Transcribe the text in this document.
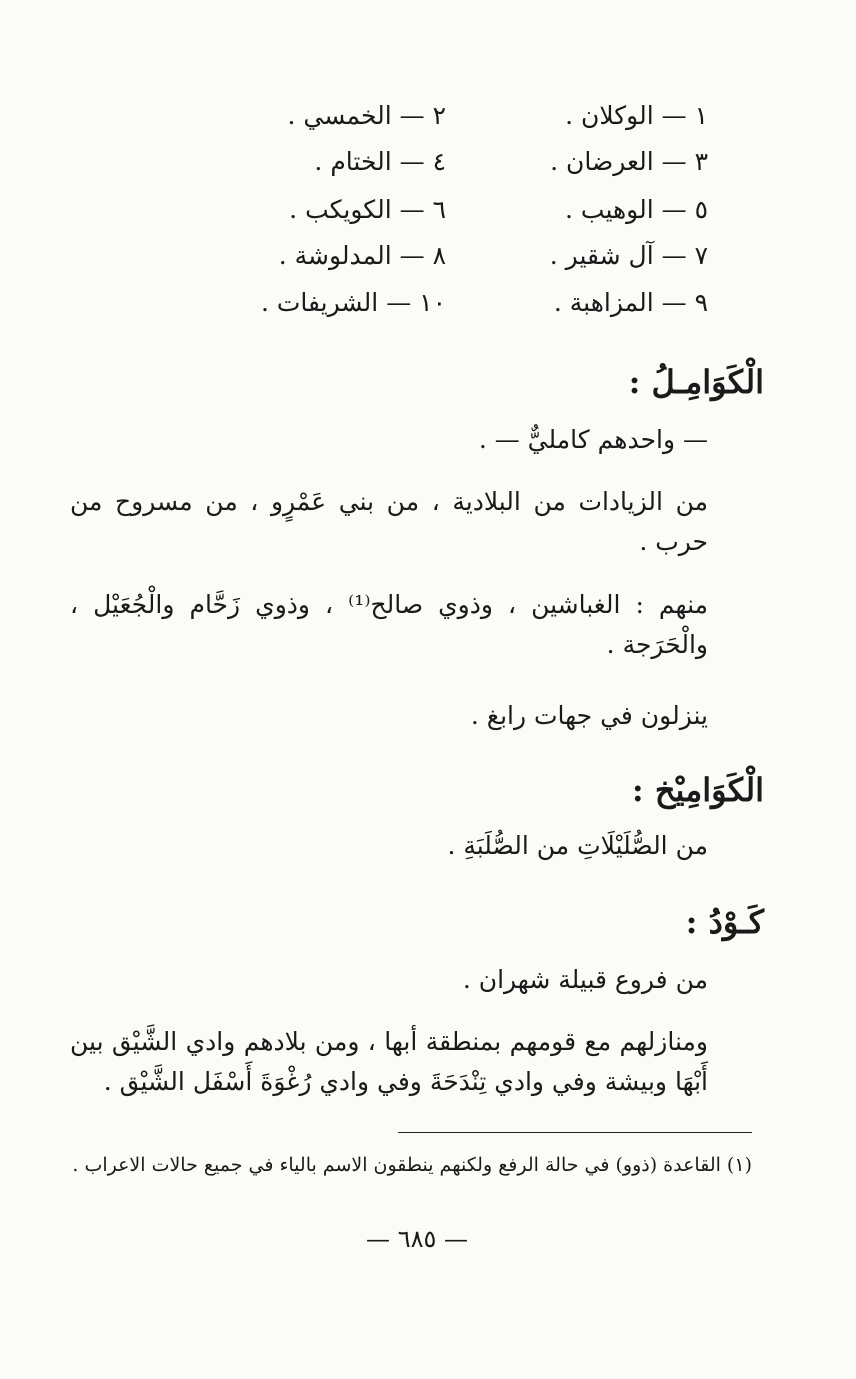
١ — الوكلان .
٣ — العرضان .
٥ — الوهيب .
٧ — آل شقير .
٩ — المزاهبة .
٢ — الخمسي .
٤ — الختام .
٦ — الكويكب .
٨ — المدلوشة .
١٠ — الشريفات .
الْكَوَامِـلُ :
— واحدهم كامليٌّ — .
من الزيادات من البلادية ، من بني عَمْرٍو ، من مسروح من حرب .
منهم : الغباشين ، وذوي صالح⁽¹⁾ ، وذوي زَحَّام والْجُعَيْل ، والْحَرَجة .
ينزلون في جهات رابغ .
الْكَوَامِيْخ :
من الصُّلَيْلَاتِ من الصُّلَبَةِ .
كَـوْدُ :
من فروع قبيلة شهران .
ومنازلهم مع قومهم بمنطقة أبها ، ومن بلادهم وادي الشَّيْق بين أَبْهَا وبيشة وفي وادي تِنْدَحَةَ وفي وادي رُغْوَةَ أَسْفَل الشَّيْق .
(١) القاعدة (ذوو) في حالة الرفع ولكنهم ينطقون الاسم بالياء في جميع حالات الاعراب .
— ٦٨٥ —
